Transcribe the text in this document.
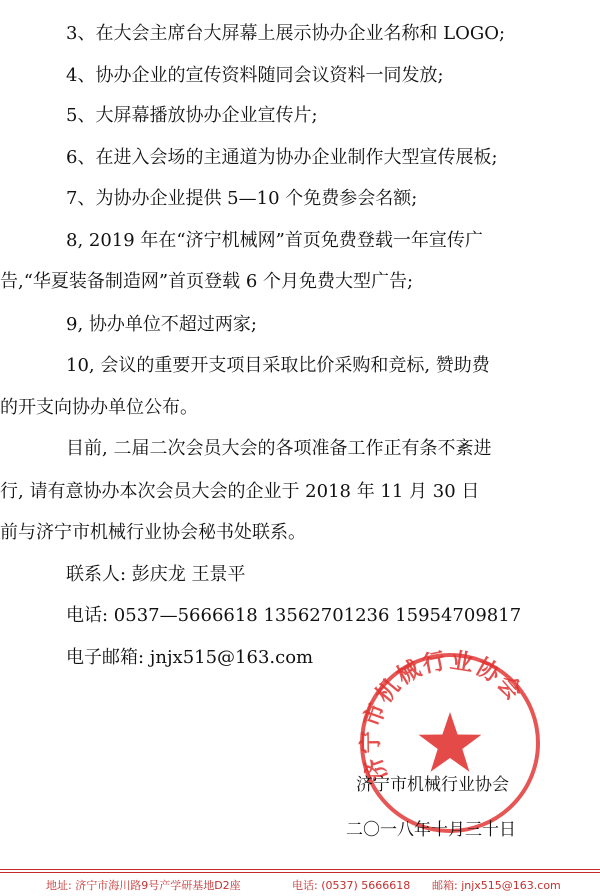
3、在大会主席台大屏幕上展示协办企业名称和 LOGO;
4、协办企业的宣传资料随同会议资料一同发放;
5、大屏幕播放协办企业宣传片;
6、在进入会场的主通道为协办企业制作大型宣传展板;
7、为协办企业提供 5—10 个免费参会名额;
8, 2019 年在“济宁机械网”首页免费登载一年宣传广
告,“华夏装备制造网”首页登载 6 个月免费大型广告;
9, 协办单位不超过两家;
10, 会议的重要开支项目采取比价采购和竞标, 赞助费
的开支向协办单位公布。
目前, 二届二次会员大会的各项准备工作正有条不紊进
行, 请有意协办本次会员大会的企业于 2018 年 11 月 30 日
前与济宁市机械行业协会秘书处联系。
联系人: 彭庆龙 王景平
电话: 0537—5666618 13562701236 15954709817
电子邮箱: jnjx515@163.com
济宁市机械行业协会
济宁市机械行业协会
二〇一八年十月三十日
地址: 济宁市海川路9号产学研基地D2座	电话: (0537) 5666618 邮箱: jnjx515@163.com
